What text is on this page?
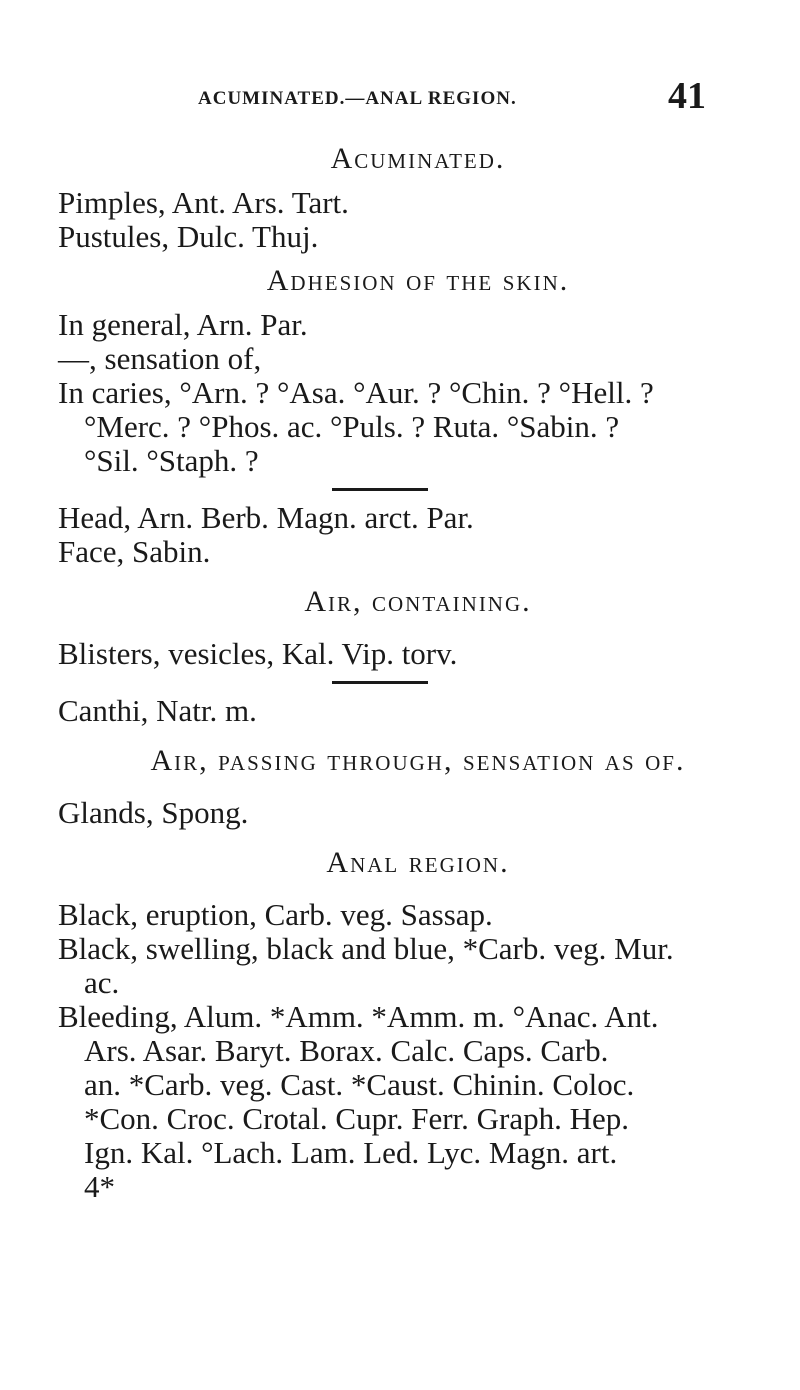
ACUMINATED.—ANAL REGION.	41

Acuminated.

Pimples, Ant. Ars. Tart.

Pustules, Dulc. Thuj.

Adhesion of the skin.

In general, Arn. Par.

—, sensation of,

In caries, °Arn. ? °Asa. °Aur. ? °Chin. ? °Hell. ?

°Merc. ? °Phos. ac. °Puls. ? Ruta. °Sabin. ?

°Sil. °Staph. ?

Head, Arn. Berb. Magn. arct. Par.

Face, Sabin.

Air, containing.

Blisters, vesicles, Kal. Vip. torv.

Canthi, Natr. m.

Air, passing through, sensation as of.

Glands, Spong.

Anal region.

Black, eruption, Carb. veg. Sassap.

Black, swelling, black and blue, *Carb. veg. Mur.

ac.

Bleeding, Alum. *Amm. *Amm. m. °Anac. Ant.

Ars. Asar. Baryt. Borax. Calc. Caps. Carb.

an. *Carb. veg. Cast. *Caust. Chinin. Coloc.

*Con. Croc. Crotal. Cupr. Ferr. Graph. Hep.

Ign. Kal. °Lach. Lam. Led. Lyc. Magn. art.

4*
